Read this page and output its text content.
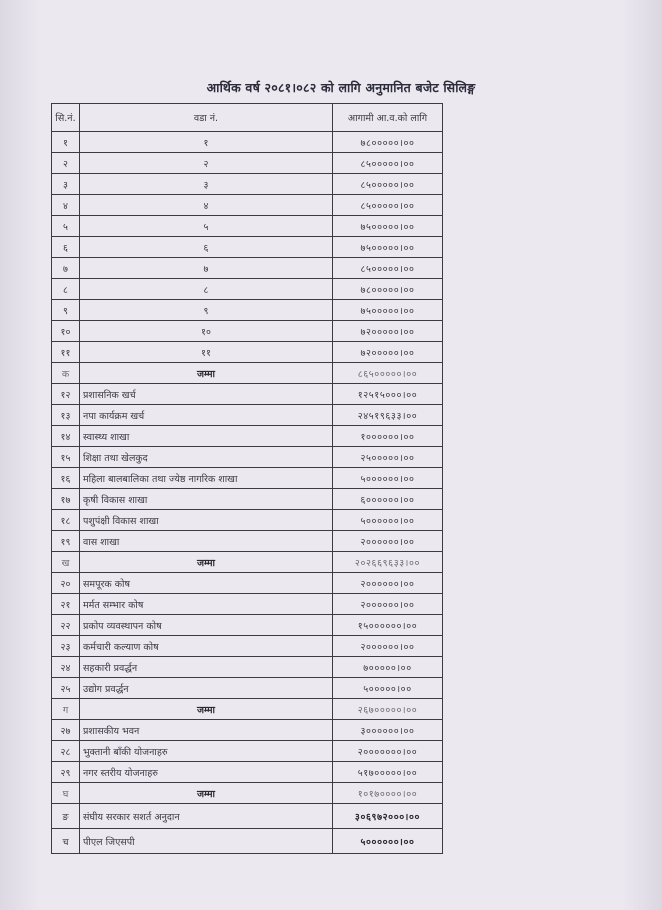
आर्थिक वर्ष २०८१।०८२ को लागि अनुमानित बजेट सिलिङ्ग
सि.नं.	वडा नं.	आगामी आ.व.को लागि
१	१	७८०००००।००
२	२	८५०००००।००
३	३	८५०००००।००
४	४	८५०००००।००
५	५	७५०००००।००
६	६	७५०००००।००
७	७	८५०००००।००
८	८	७८०००००।००
९	९	७५०००००।००
१०	१०	७२०००००।००
११	११	७२०००००।००
क	जम्मा	८६५०००००।००
१२	प्रशासनिक खर्च	१२५१५०००।००
१३	नपा कार्यक्रम खर्च	२४५१९६३३।००
१४	स्वास्थ्य शाखा	१००००००।००
१५	शिक्षा तथा खेलकुद	२५०००००।००
१६	महिला बालबालिका तथा ज्येष्ठ नागरिक शाखा	५००००००।००
१७	कृषी विकास शाखा	६००००००।००
१८	पशुपंक्षी विकास शाखा	५००००००।००
१९	वास शाखा	२००००००।००
ख	जम्मा	२०२६६९६३३।००
२०	समपूरक कोष	२००००००।००
२१	मर्मत सम्भार कोष	२००००००।००
२२	प्रकोप व्यवस्थापन कोष	१५००००००।००
२३	कर्मचारी कल्याण कोष	२००००००।००
२४	सहकारी प्रवर्द्धन	७०००००।००
२५	उद्योग प्रवर्द्धन	५०००००।००
ग	जम्मा	२६७०००००।००
२७	प्रशासकीय भवन	३००००००।००
२८	भुक्तानी बाँकी योजनाहरु	२०००००००।००
२९	नगर स्तरीय योजनाहरु	५१७०००००।००
घ	जम्मा	१०१७००००।००
ङ	संघीय सरकार सशर्त अनुदान	३०६९७२०००।००
च	पीएल जिएसपी	५००००००।००
